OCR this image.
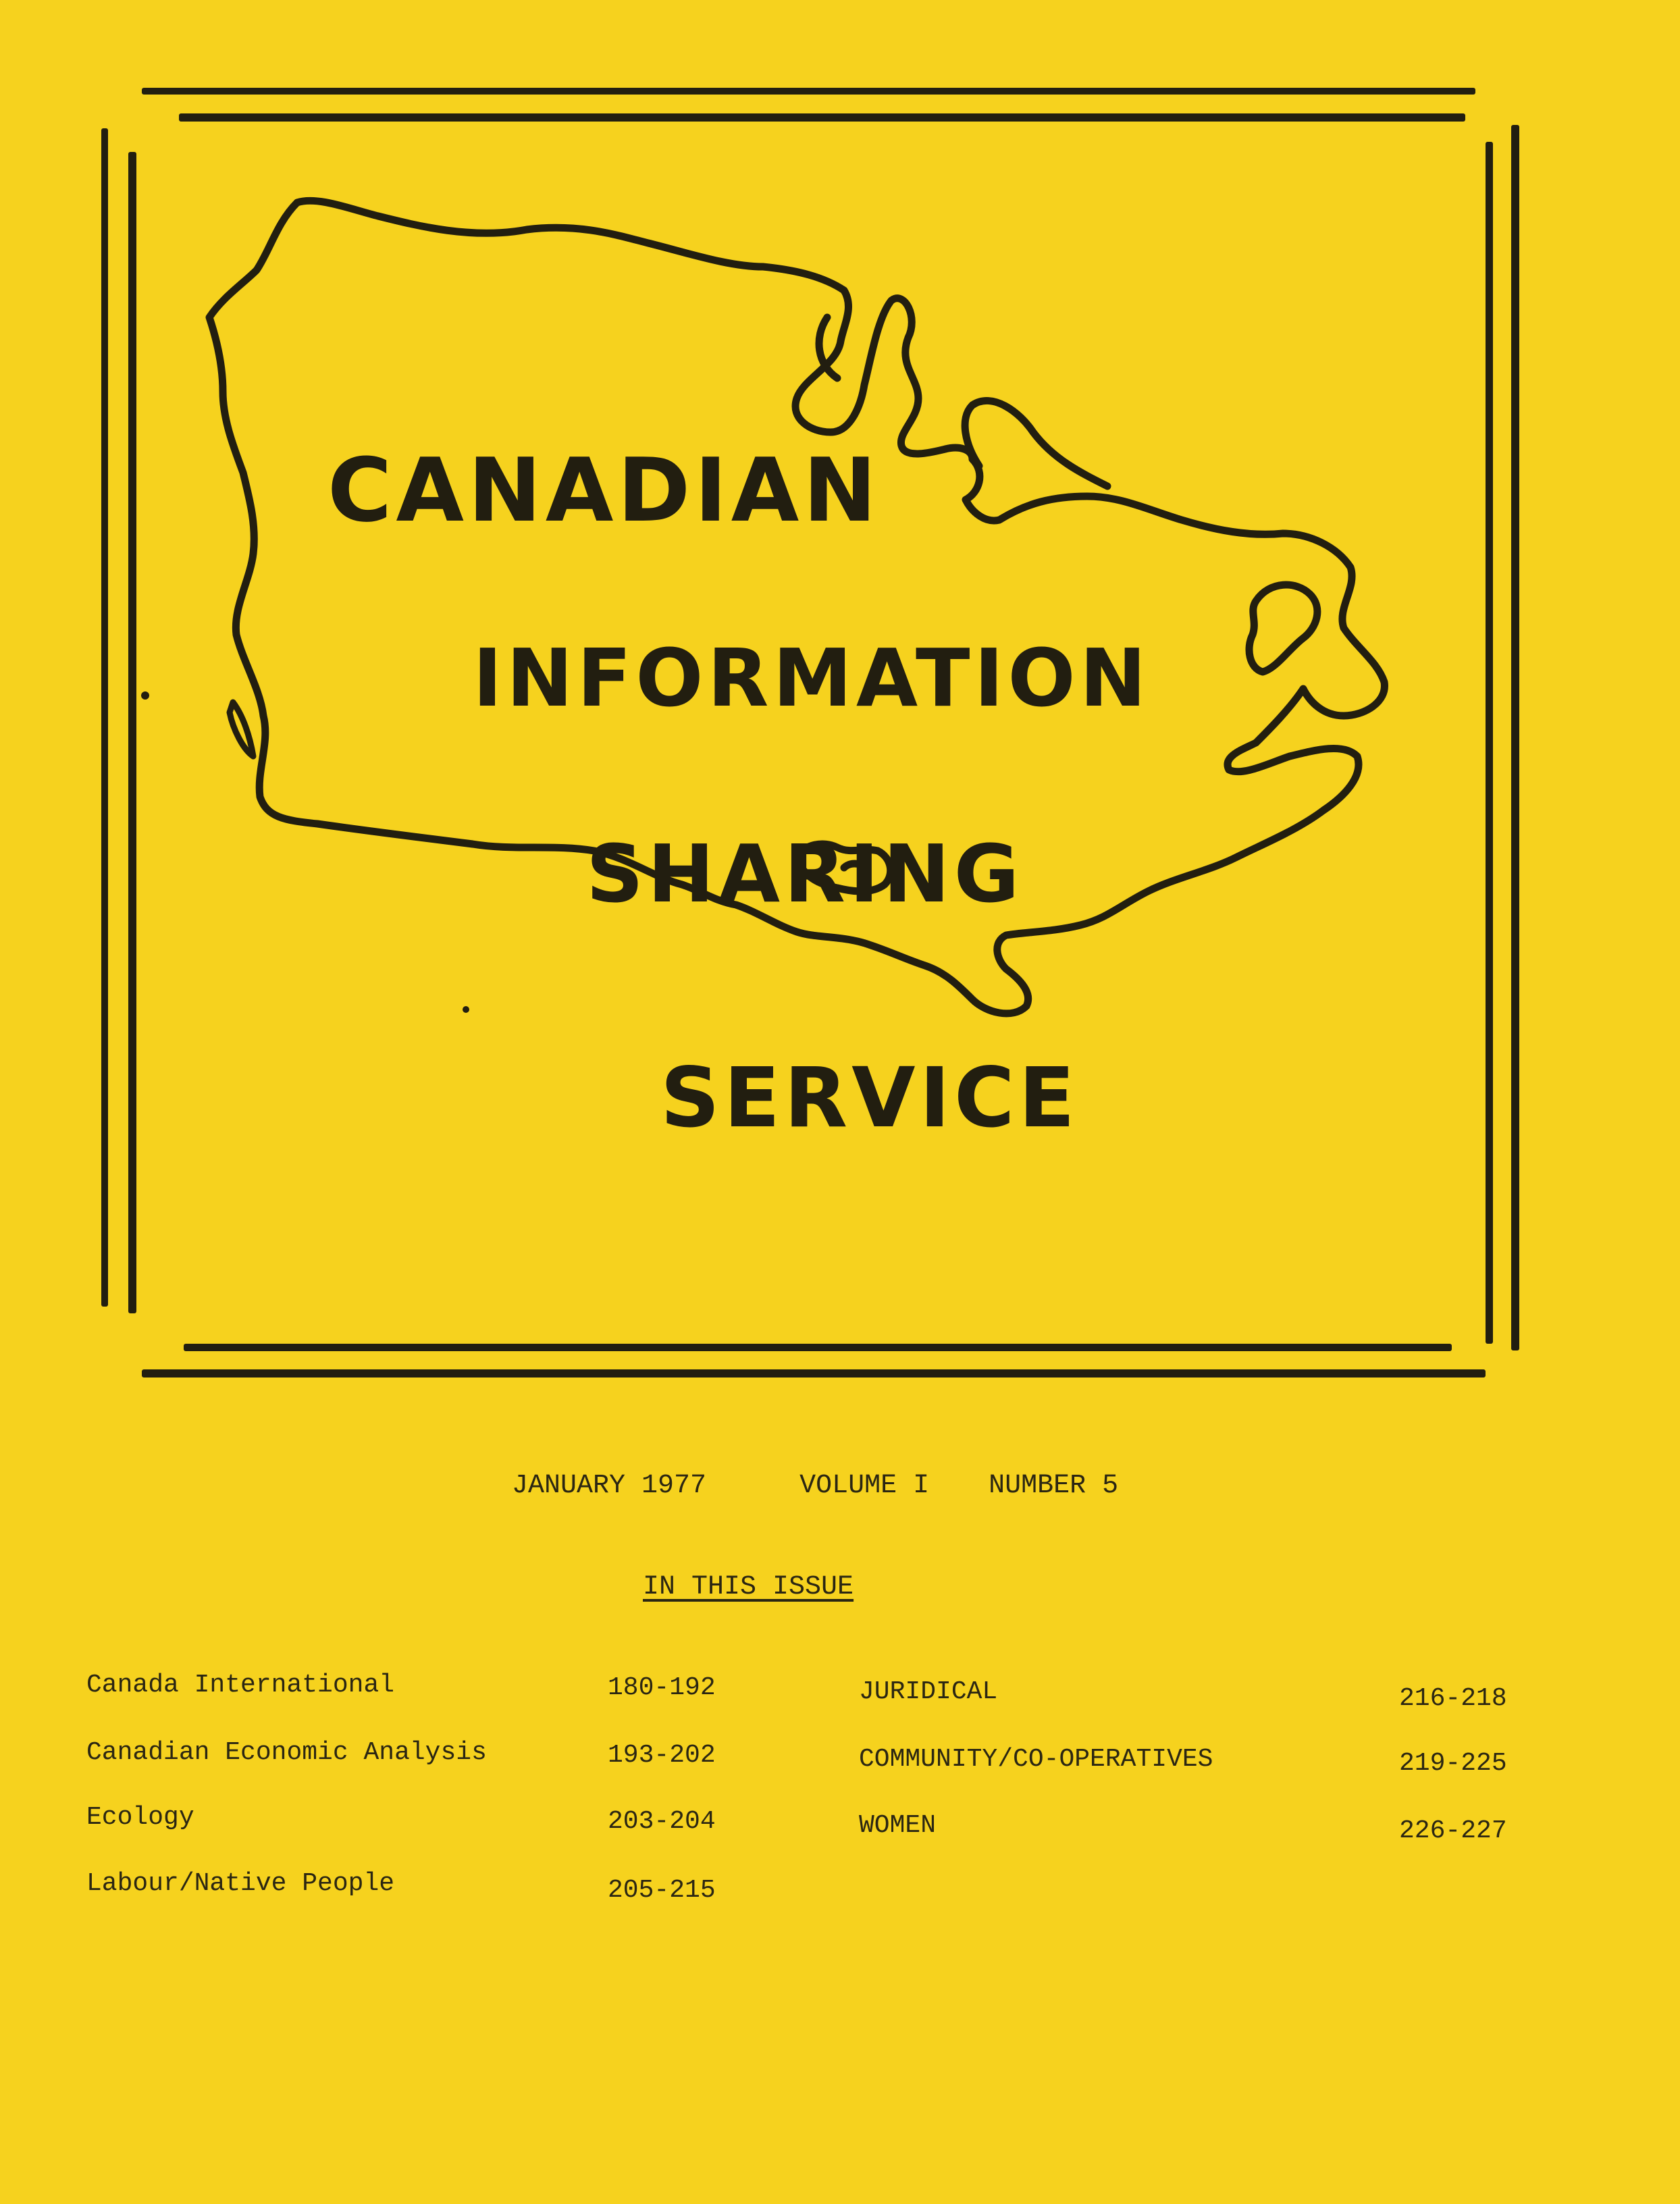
CANADIAN
INFORMATION
SHARING
SERVICE
JANUARY 1977	VOLUME I NUMBER 5
IN THIS ISSUE
Canada International	180-192
Canadian Economic Analysis	193-202
Ecology	203-204
Labour/Native People	205-215
JURIDICAL	216-218
COMMUNITY/CO-OPERATIVES	219-225
WOMEN	226-227
